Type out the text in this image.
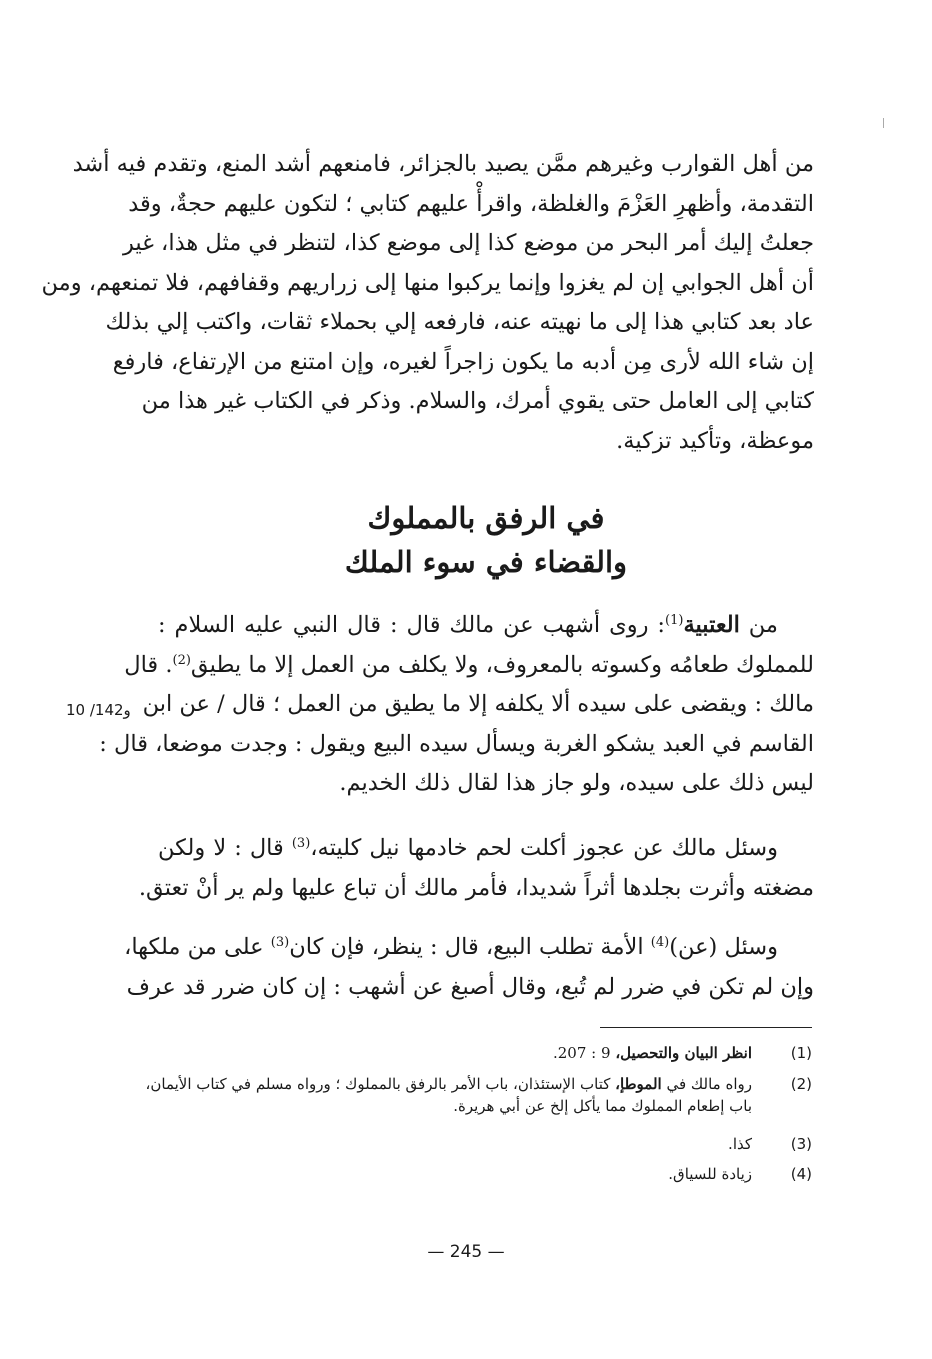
من أهل القوارب وغيرهم ممَّن يصيد بالجزائر، فامنعهم أشد المنع، وتقدم فيه أشد
التقدمة، وأظهرِ العَزْمَ والغلظة، واقرأْ عليهم كتابي ؛ لتكون عليهم حجةٌ، وقد
جعلتُ إليك أمر البحر من موضع كذا إلى موضع كذا، لتنظر في مثل هذا، غير
أن أهل الجوابي إن لم يغزوا وإنما يركبوا منها إلى زراريهم وقفافهم، فلا تمنعهم، ومن
عاد بعد كتابي هذا إلى ما نهيته عنه، فارفعه إلي بحملاء ثقات، واكتب إلي بذلك
إن شاء الله لأرى مِن أدبه ما يكون زاجراً لغيره، وإن امتنع من الإرتفاع، فارفع
كتابي إلى العامل حتى يقوي أمرك، والسلام. وذكر في الكتاب غير هذا من
موعظة، وتأكيد تزكية.

في الرفق بالمملوك
والقضاء في سوء الملك

من العتبية$^{(1)}$: روى أشهب عن مالك قال : قال النبي عليه السلام :
للمملوك طعامُه وكسوته بالمعروف، ولا يكلف من العمل إلا ما يطيق$^{(2)}$. قال
مالك : ويقضى على سيده ألا يكلفه إلا ما يطيق من العمل ؛ قال / عن ابن
القاسم في العبد يشكو الغربة ويسأل سيده البيع ويقول : وجدت موضعا، قال :
ليس ذلك على سيده، ولو جاز هذا لقال ذلك الخديم.

10 /142و

وسئل مالك عن عجوز أكلت لحم خادمها نيل كليته،$^{(3)}$ قال : لا ولكن
مضغته وأثرت بجلدها أثراً شديدا، فأمر مالك أن تباع عليها ولم ير أنْ تعتق.

وسئل (عن)$^{(4)}$ الأمة تطلب البيع، قال : ينظر، فإن كان$^{(3)}$ على من ملكها،
وإن لم تكن في ضرر لم تُبع، وقال أصبغ عن أشهب : إن كان ضرر قد عرف

(1)انظر البيان والتحصيل، 9 : 207.
(2)رواه مالك في الموطإ، كتاب الإستئذان، باب الأمر بالرفق بالمملوك ؛ ورواه مسلم في كتاب الأيمان،
باب إطعام المملوك مما يأكل إلخ عن أبي هريرة.
(3)كذا.
(4)زيادة للسياق.
— 245 —
